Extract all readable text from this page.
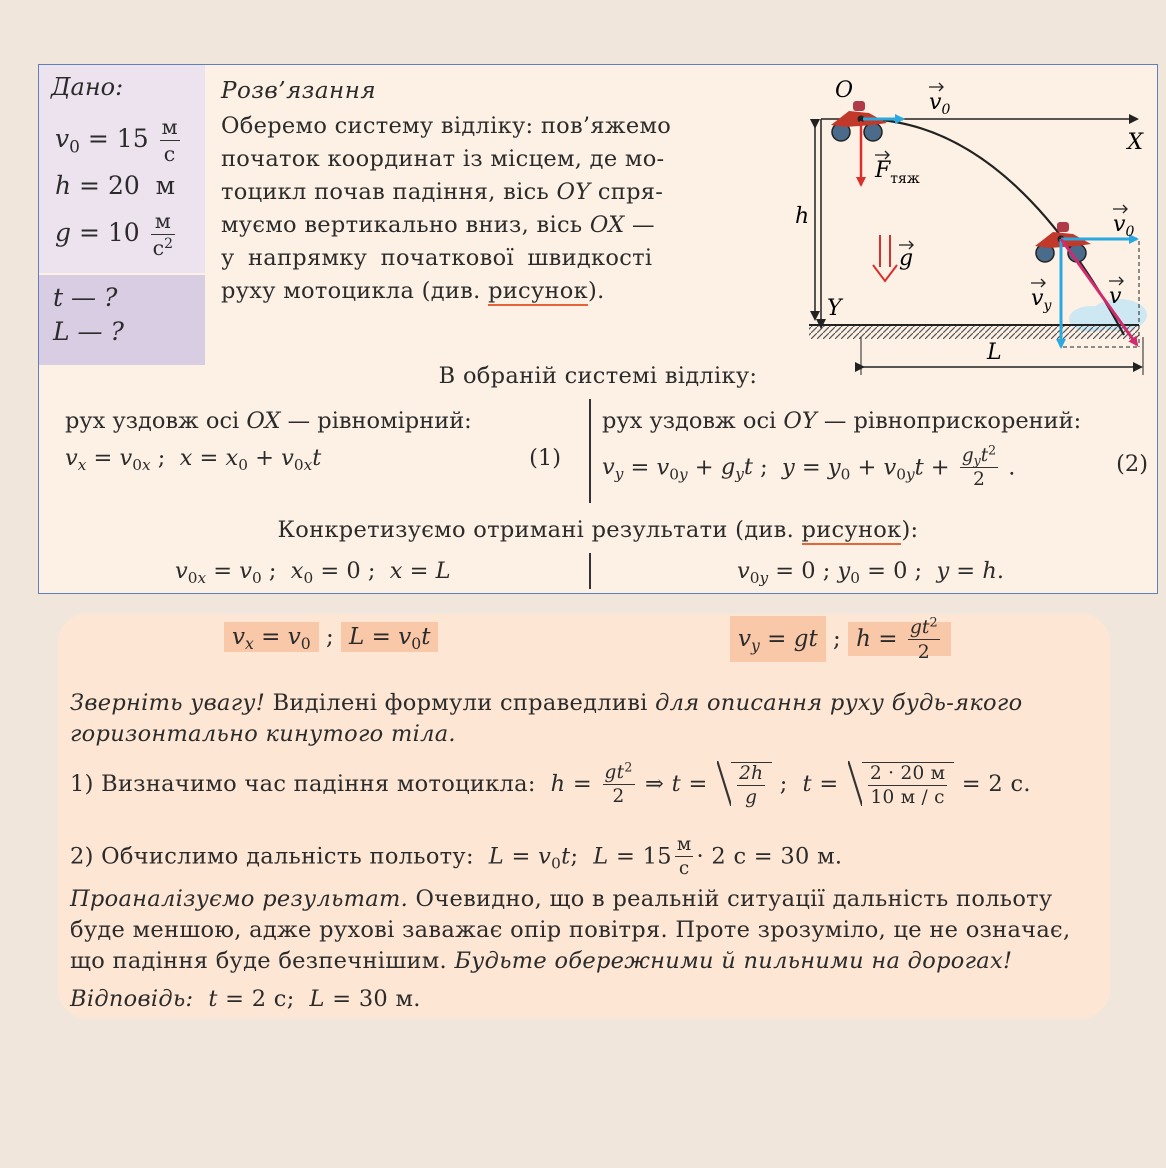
Дано:
$v_0 = 15 \frac{м}{с}$
h = 20 м
$g = 10 \frac{м}{с^2}$
t — ?
L — ?
Розв’язання
Оберемо систему відліку: пов’яжемо
початок координат із місцем, де мо-
тоцикл почав падіння, вісь OY спря-
муємо вертикально вниз, вісь OX —
у напрямку початкової швидкості
руху мотоцикла (див. рисунок).
O
X
Y
h
L
$v_0$
$F_{тяж}$
g
$v_0$
$v_y$	v
В обраній системі відліку:
рух уздовж осі OX — рівномірний:
$v_x = v_{0x}$ ;  $x = x_0 + v_{0x}t$	(1)
рух уздовж осі OY — рівноприскорений:
$v_y = v_{0y} + g_yt$ ;  $y = y_0 + v_{0y}t + \frac{g_yt^2}{2}$ .	(2)
Конкретизуємо отримані результати (див. рисунок):
$v_{0x} = v_0$ ;  $x_0 = 0$ ;  x = L	$v_{0y} = 0$ ; $y_0 = 0$ ;  y = h.
$v_x = v_0$ ; $L = v_0t$	$v_y$ = gt ; $h = \frac{gt^2}{2}$
Зверніть увагу! Виділені формули справедливі для описання руху будь-якого
горизонтально кинутого тіла.
1) Визначимо час падіння мотоцикла: $h = \frac{gt^2}{2}$ ⇒ $t = \frac{2h}{g}$ ;  $t = \frac{2 \cdot 20 м}{10 м / с} = 2$ с.
2) Обчислимо дальність польоту: $L = v_0t$;  $L = 15 \frac{м}{с} \cdot 2$ с = 30 м.
Проаналізуємо результат. Очевидно, що в реальній ситуації дальність польоту
буде меншою, адже рухові заважає опір повітря. Проте зрозуміло, це не означає,
що падіння буде безпечнішим. Будьте обережними й пильними на дорогах!
Відповідь: t = 2 с; L = 30 м.
